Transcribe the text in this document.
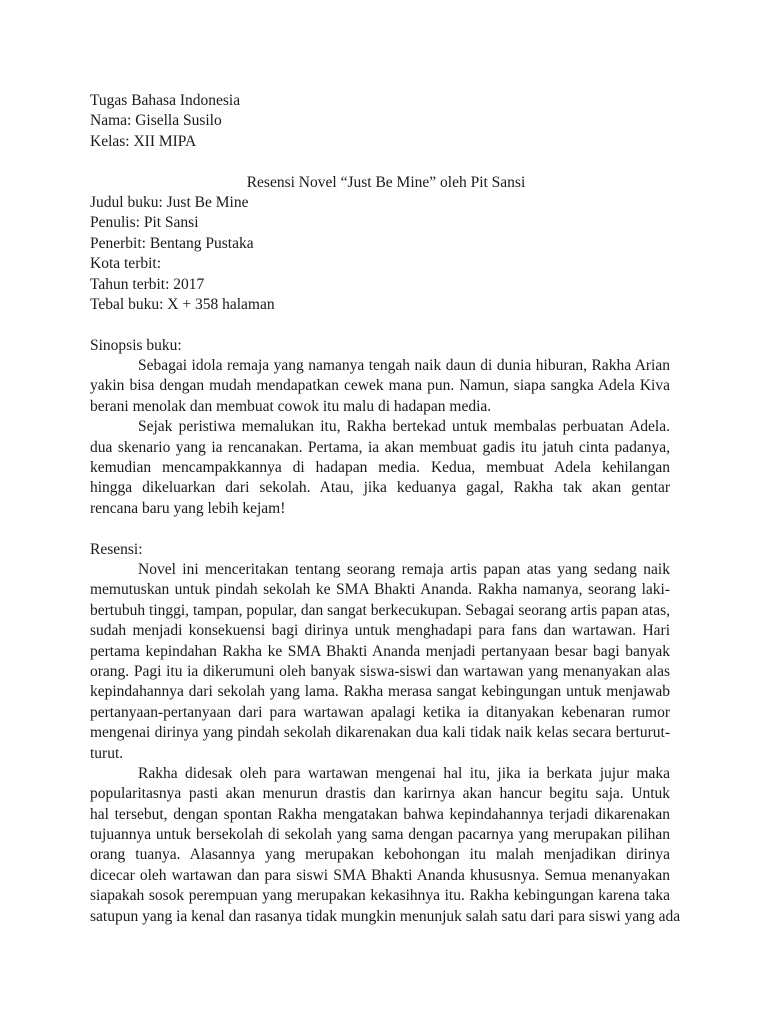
Tugas Bahasa Indonesia
Nama: Gisella Susilo
Kelas: XII MIPA
Resensi Novel “Just Be Mine” oleh Pit Sansi
Judul buku: Just Be Mine
Penulis: Pit Sansi
Penerbit: Bentang Pustaka
Kota terbit:
Tahun terbit: 2017
Tebal buku: X + 358 halaman
Sinopsis buku:
Sebagai idola remaja yang namanya tengah naik daun di dunia hiburan, Rakha Arian
yakin bisa dengan mudah mendapatkan cewek mana pun. Namun, siapa sangka Adela Kiva
berani menolak dan membuat cowok itu malu di hadapan media.
Sejak peristiwa memalukan itu, Rakha bertekad untuk membalas perbuatan Adela.
dua skenario yang ia rencanakan. Pertama, ia akan membuat gadis itu jatuh cinta padanya,
kemudian mencampakkannya di hadapan media. Kedua, membuat Adela kehilangan
hingga dikeluarkan dari sekolah. Atau, jika keduanya gagal, Rakha tak akan gentar
rencana baru yang lebih kejam!
Resensi:
Novel ini menceritakan tentang seorang remaja artis papan atas yang sedang naik
memutuskan untuk pindah sekolah ke SMA Bhakti Ananda. Rakha namanya, seorang laki-
bertubuh tinggi, tampan, popular, dan sangat berkecukupan. Sebagai seorang artis papan atas,
sudah menjadi konsekuensi bagi dirinya untuk menghadapi para fans dan wartawan. Hari
pertama kepindahan Rakha ke SMA Bhakti Ananda menjadi pertanyaan besar bagi banyak
orang. Pagi itu ia dikerumuni oleh banyak siswa-siswi dan wartawan yang menanyakan alas
kepindahannya dari sekolah yang lama. Rakha merasa sangat kebingungan untuk menjawab
pertanyaan-pertanyaan dari para wartawan apalagi ketika ia ditanyakan kebenaran rumor
mengenai dirinya yang pindah sekolah dikarenakan dua kali tidak naik kelas secara berturut-
turut.
Rakha didesak oleh para wartawan mengenai hal itu, jika ia berkata jujur maka
popularitasnya pasti akan menurun drastis dan karirnya akan hancur begitu saja. Untuk
hal tersebut, dengan spontan Rakha mengatakan bahwa kepindahannya terjadi dikarenakan
tujuannya untuk bersekolah di sekolah yang sama dengan pacarnya yang merupakan pilihan
orang tuanya. Alasannya yang merupakan kebohongan itu malah menjadikan dirinya
dicecar oleh wartawan dan para siswi SMA Bhakti Ananda khususnya. Semua menanyakan
siapakah sosok perempuan yang merupakan kekasihnya itu. Rakha kebingungan karena taka
satupun yang ia kenal dan rasanya tidak mungkin menunjuk salah satu dari para siswi yang ada
